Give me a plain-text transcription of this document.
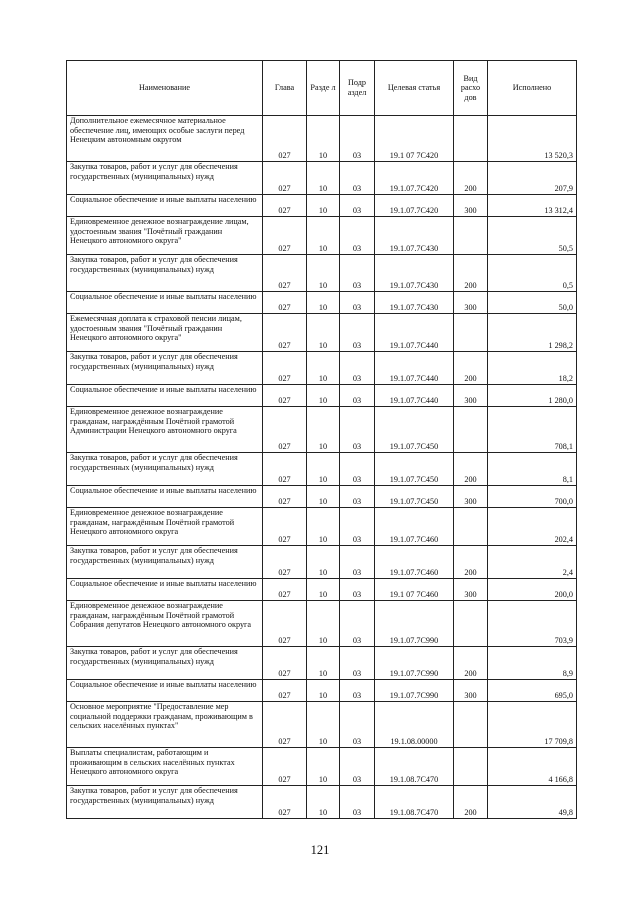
Наименование	Глава	Разде л	Подр аздел	Целевая статья	Вид расхо дов	Исполнено
Дополнительное ежемесячное материальное обеспечение лиц, имеющих особые заслуги перед Ненецким автономным округом	027	10	03	19.1 07 7C420		13 520,3
Закупка товаров, работ и услуг для обеспечения государственных (муниципальных) нужд	027	10	03	19.1.07.7C420	200	207,9
Социальное обеспечение и иные выплаты населению	027	10	03	19.1.07.7C420	300	13 312,4
Единовременное денежное вознаграждение лицам, удостоенным звания "Почётный гражданин Ненецкого автономного округа"	027	10	03	19.1.07.7C430		50,5
Закупка товаров, работ и услуг для обеспечения государственных (муниципальных) нужд	027	10	03	19.1.07.7C430	200	0,5
Социальное обеспечение и иные выплаты населению	027	10	03	19.1.07.7C430	300	50,0
Ежемесячная доплата к страховой пенсии лицам, удостоенным звания "Почётный гражданин Ненецкого автономного округа"	027	10	03	19.1.07.7C440		1 298,2
Закупка товаров, работ и услуг для обеспечения государственных (муниципальных) нужд	027	10	03	19.1.07.7C440	200	18,2
Социальное обеспечение и иные выплаты населению	027	10	03	19.1.07.7C440	300	1 280,0
Единовременное денежное вознаграждение гражданам, награждённым Почётной грамотой Администрации Ненецкого автономного округа	027	10	03	19.1.07.7C450		708,1
Закупка товаров, работ и услуг для обеспечения государственных (муниципальных) нужд	027	10	03	19.1.07.7C450	200	8,1
Социальное обеспечение и иные выплаты населению	027	10	03	19.1.07.7C450	300	700,0
Единовременное денежное вознаграждение гражданам, награждённым Почётной грамотой Ненецкого автономного округа	027	10	03	19.1.07.7C460		202,4
Закупка товаров, работ и услуг для обеспечения государственных (муниципальных) нужд	027	10	03	19.1.07.7C460	200	2,4
Социальное обеспечение и иные выплаты населению	027	10	03	19.1 07 7C460	300	200,0
Единовременное денежное вознаграждение гражданам, награждённым Почётной грамотой Собрания депутатов Ненецкого автономного округа	027	10	03	19.1.07.7C990		703,9
Закупка товаров, работ и услуг для обеспечения государственных (муниципальных) нужд	027	10	03	19.1.07.7C990	200	8,9
Социальное обеспечение и иные выплаты населению	027	10	03	19.1.07.7C990	300	695,0
Основное мероприятие "Предоставление мер социальной поддержки гражданам, проживающим в сельских населённых пунктах"	027	10	03	19.1.08.00000		17 709,8
Выплаты специалистам, работающим и проживающим в сельских населённых пунктах Ненецкого автономного округа	027	10	03	19.1.08.7C470		4 166,8
Закупка товаров, работ и услуг для обеспечения государственных (муниципальных) нужд	027	10	03	19.1.08.7C470	200	49,8
121
